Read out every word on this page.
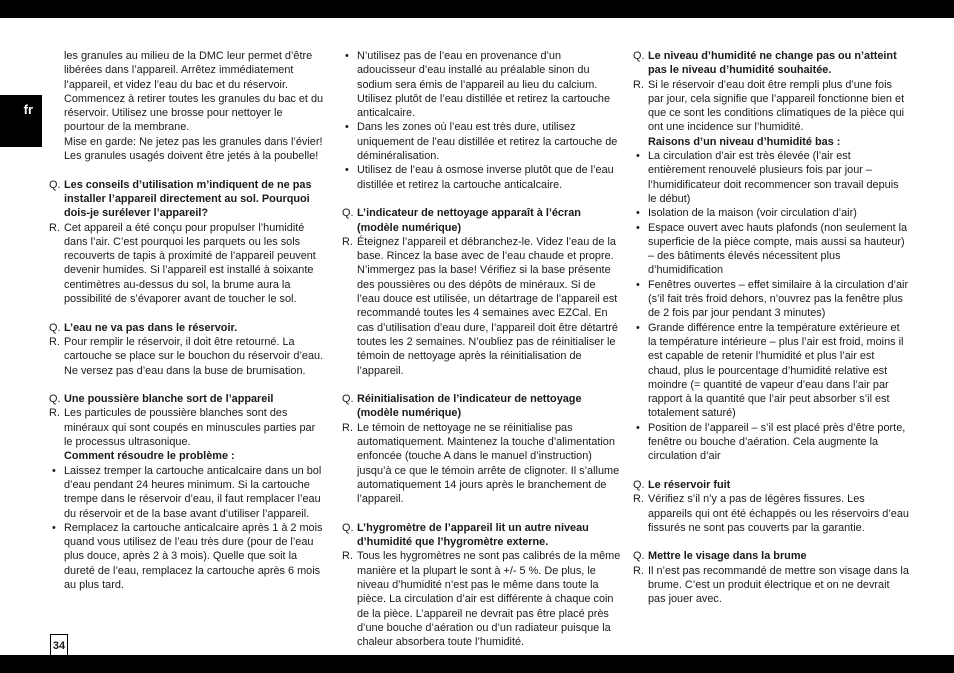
fr

les granules au milieu de la DMC leur permet d’être libérées dans l’appareil. Arrêtez immédiatement l’appareil, et videz l’eau du bac et du réservoir. Commencez à retirer toutes les granules du bac et du réservoir. Utilisez une brosse pour nettoyer le pourtour de la membrane.

Mise en garde: Ne jetez pas les granules dans l’évier! Les granules usagés doivent être jetés à la poubelle!

Q. Les conseils d’utilisation m’indiquent de ne pas installer l’appareil directement au sol. Pourquoi dois-je surélever l’appareil?
R. Cet appareil a été conçu pour propulser l’humidité dans l’air. C’est pourquoi les parquets ou les sols recouverts de tapis à proximité de l’appareil peuvent devenir humides. Si l’appareil est installé à soixante centimètres au-dessus du sol, la brume aura la possibilité de s’évaporer avant de toucher le sol.
Q. L’eau ne va pas dans le réservoir.
R. Pour remplir le réservoir, il doit être retourné. La cartouche se place sur le bouchon du réservoir d’eau. Ne versez pas d’eau dans la buse de brumisation.
Q. Une poussière blanche sort de l’appareil
R. Les particules de poussière blanches sont des minéraux qui sont coupés en minuscules parties par le processus ultrasonique.
Comment résoudre le problème :
• Laissez tremper la cartouche anticalcaire dans un bol d’eau pendant 24 heures minimum. Si la cartouche trempe dans le réservoir d’eau, il faut remplacer l’eau du réservoir et de la base avant d’utiliser l’appareil.
• Remplacez la cartouche anticalcaire après 1 à 2 mois quand vous utilisez de l’eau très dure (pour de l’eau plus douce, après 2 à 3 mois). Quelle que soit la dureté de l’eau, remplacez la cartouche après 6 mois au plus tard.
• N’utilisez pas de l’eau en provenance d’un adoucisseur d’eau installé au préalable sinon du sodium sera émis de l’appareil au lieu du calcium. Utilisez plutôt de l’eau distillée et retirez la cartouche anticalcaire.
• Dans les zones où l’eau est très dure, utilisez uniquement de l’eau distillée et retirez la cartouche de déminéralisation.
• Utilisez de l’eau à osmose inverse plutôt que de l’eau distillée et retirez la cartouche anticalcaire.
Q. L’indicateur de nettoyage apparaît à l’écran (modèle numérique)
R. Éteignez l’appareil et débranchez-le. Videz l’eau de la base. Rincez la base avec de l’eau chaude et propre. N’immergez pas la base! Vérifiez si la base présente des poussières ou des dépôts de minéraux. Si de l’eau douce est utilisée, un détartrage de l’appareil est recommandé toutes les 4 semaines avec EZCal. En cas d’utilisation d’eau dure, l’appareil doit être détartré toutes les 2 semaines. N’oubliez pas de réinitialiser le témoin de nettoyage après la réinitialisation de l’appareil.
Q. Réinitialisation de l’indicateur de nettoyage (modèle numérique)
R. Le témoin de nettoyage ne se réinitialise pas automatiquement. Maintenez la touche d’alimentation enfoncée (touche A dans le manuel d’instruction) jusqu’à ce que le témoin arrête de clignoter. Il s’allume automatiquement 14 jours après le branchement de l’appareil.
Q. L’hygromètre de l’appareil lit un autre niveau d’humidité que l’hygromètre externe.
R. Tous les hygromètres ne sont pas calibrés de la même manière et la plupart le sont à +/- 5 %. De plus, le niveau d’humidité n’est pas le même dans toute la pièce. La circulation d’air est différente à chaque coin de la pièce. L’appareil ne devrait pas être placé près d’une bouche d’aération ou d’un radiateur puisque la chaleur absorbera toute l’humidité.
Q. Le niveau d’humidité ne change pas ou n’atteint pas le niveau d’humidité souhaitée.
R. Si le réservoir d’eau doit être rempli plus d’une fois par jour, cela signifie que l’appareil fonctionne bien et que ce sont les conditions climatiques de la pièce qui ont une incidence sur l’humidité.
Raisons d’un niveau d’humidité bas :
• La circulation d’air est très élevée (l’air est entièrement renouvelé plusieurs fois par jour – l’humidificateur doit recommencer son travail depuis le début)
• Isolation de la maison (voir circulation d’air)
• Espace ouvert avec hauts plafonds (non seulement la superficie de la pièce compte, mais aussi sa hauteur) – des bâtiments élevés nécessitent plus d’humidification
• Fenêtres ouvertes – effet similaire à la circulation d’air (s’il fait très froid dehors, n’ouvrez pas la fenêtre plus de 2 fois par jour pendant 3 minutes)
• Grande différence entre la température extérieure et la température intérieure – plus l’air est froid, moins il est capable de retenir l’humidité et plus l’air est chaud, plus le pourcentage d’humidité relative est moindre (= quantité de vapeur d’eau dans l’air par rapport à la quantité que l’air peut absorber s’il est totalement saturé)
• Position de l’appareil – s’il est placé près d’être porte, fenêtre ou bouche d’aération. Cela augmente la circulation d’air
Q. Le réservoir fuit
R. Vérifiez s’il n’y a pas de légères fissures. Les appareils qui ont été échappés ou les réservoirs d’eau fissurés ne sont pas couverts par la garantie.
Q. Mettre le visage dans la brume
R. Il n’est pas recommandé de mettre son visage dans la brume. C’est un produit électrique et on ne devrait pas jouer avec.
34
